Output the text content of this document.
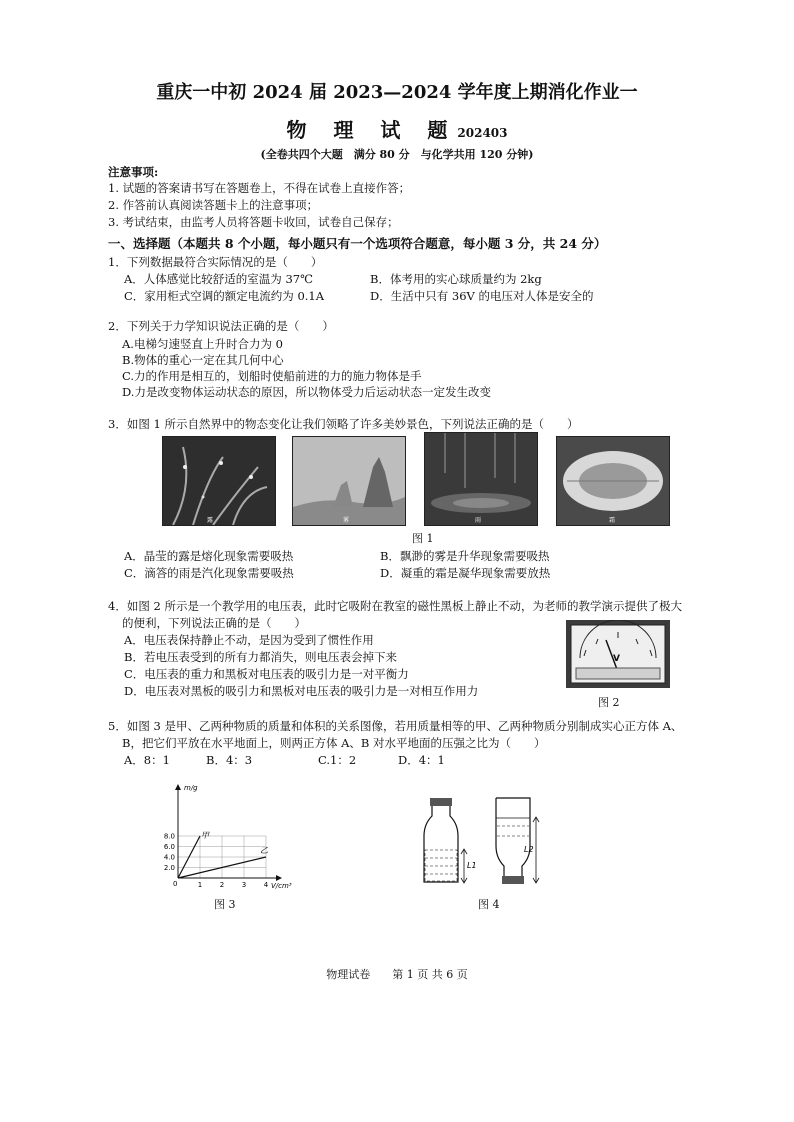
重庆一中初 2024 届 2023—2024 学年度上期消化作业一
物 理 试 题202403
(全卷共四个大题　满分 80 分　与化学共用 120 分钟)
注意事项:
1. 试题的答案请书写在答题卷上，不得在试卷上直接作答；
2. 作答前认真阅读答题卡上的注意事项；
3. 考试结束，由监考人员将答题卡收回，试卷自己保存；
一、选择题（本题共 8 个小题，每小题只有一个选项符合题意，每小题 3 分，共 24 分）
1．下列数据最符合实际情况的是（　　）
A．人体感觉比较舒适的室温为 37℃	B．体考用的实心球质量约为 2kg
C．家用柜式空调的额定电流约为 0.1A	D．生活中只有 36V 的电压对人体是安全的
2．下列关于力学知识说法正确的是（　　）
A.电梯匀速竖直上升时合力为 0
B.物体的重心一定在其几何中心
C.力的作用是相互的，划船时使船前进的力的施力物体是手
D.力是改变物体运动状态的原因，所以物体受力后运动状态一定发生改变
3．如图 1 所示自然界中的物态变化让我们领略了许多美妙景色，下列说法正确的是（　　）
露	雾	雨	霜
图 1
A．晶莹的露是熔化现象需要吸热	B．飘渺的雾是升华现象需要吸热
C．滴答的雨是汽化现象需要吸热	D．凝重的霜是凝华现象需要放热
4．如图 2 所示是一个教学用的电压表，此时它吸附在教室的磁性黑板上静止不动，为老师的教学演示提供了极大
的便利，下列说法正确的是（　　）
A．电压表保持静止不动，是因为受到了惯性作用
B．若电压表受到的所有力都消失，则电压表会掉下来
C．电压表的重力和黑板对电压表的吸引力是一对平衡力
D．电压表对黑板的吸引力和黑板对电压表的吸引力是一对相互作用力
V
图 2
5．如图 3 是甲、乙两种物质的质量和体积的关系图像，若用质量相等的甲、乙两种物质分别制成实心正方体 A、
B，把它们平放在水平地面上，则两正方体 A、B 对水平地面的压强之比为（　　）
A．8：1	B．4：3	C.1：2	D．4：1
2.0
4.0
6.0
8.0
1	2	3	4
甲
乙
m/g
V/cm³
0
图 3
L1
L2
图 4
物理试卷　　第 1 页 共 6 页
